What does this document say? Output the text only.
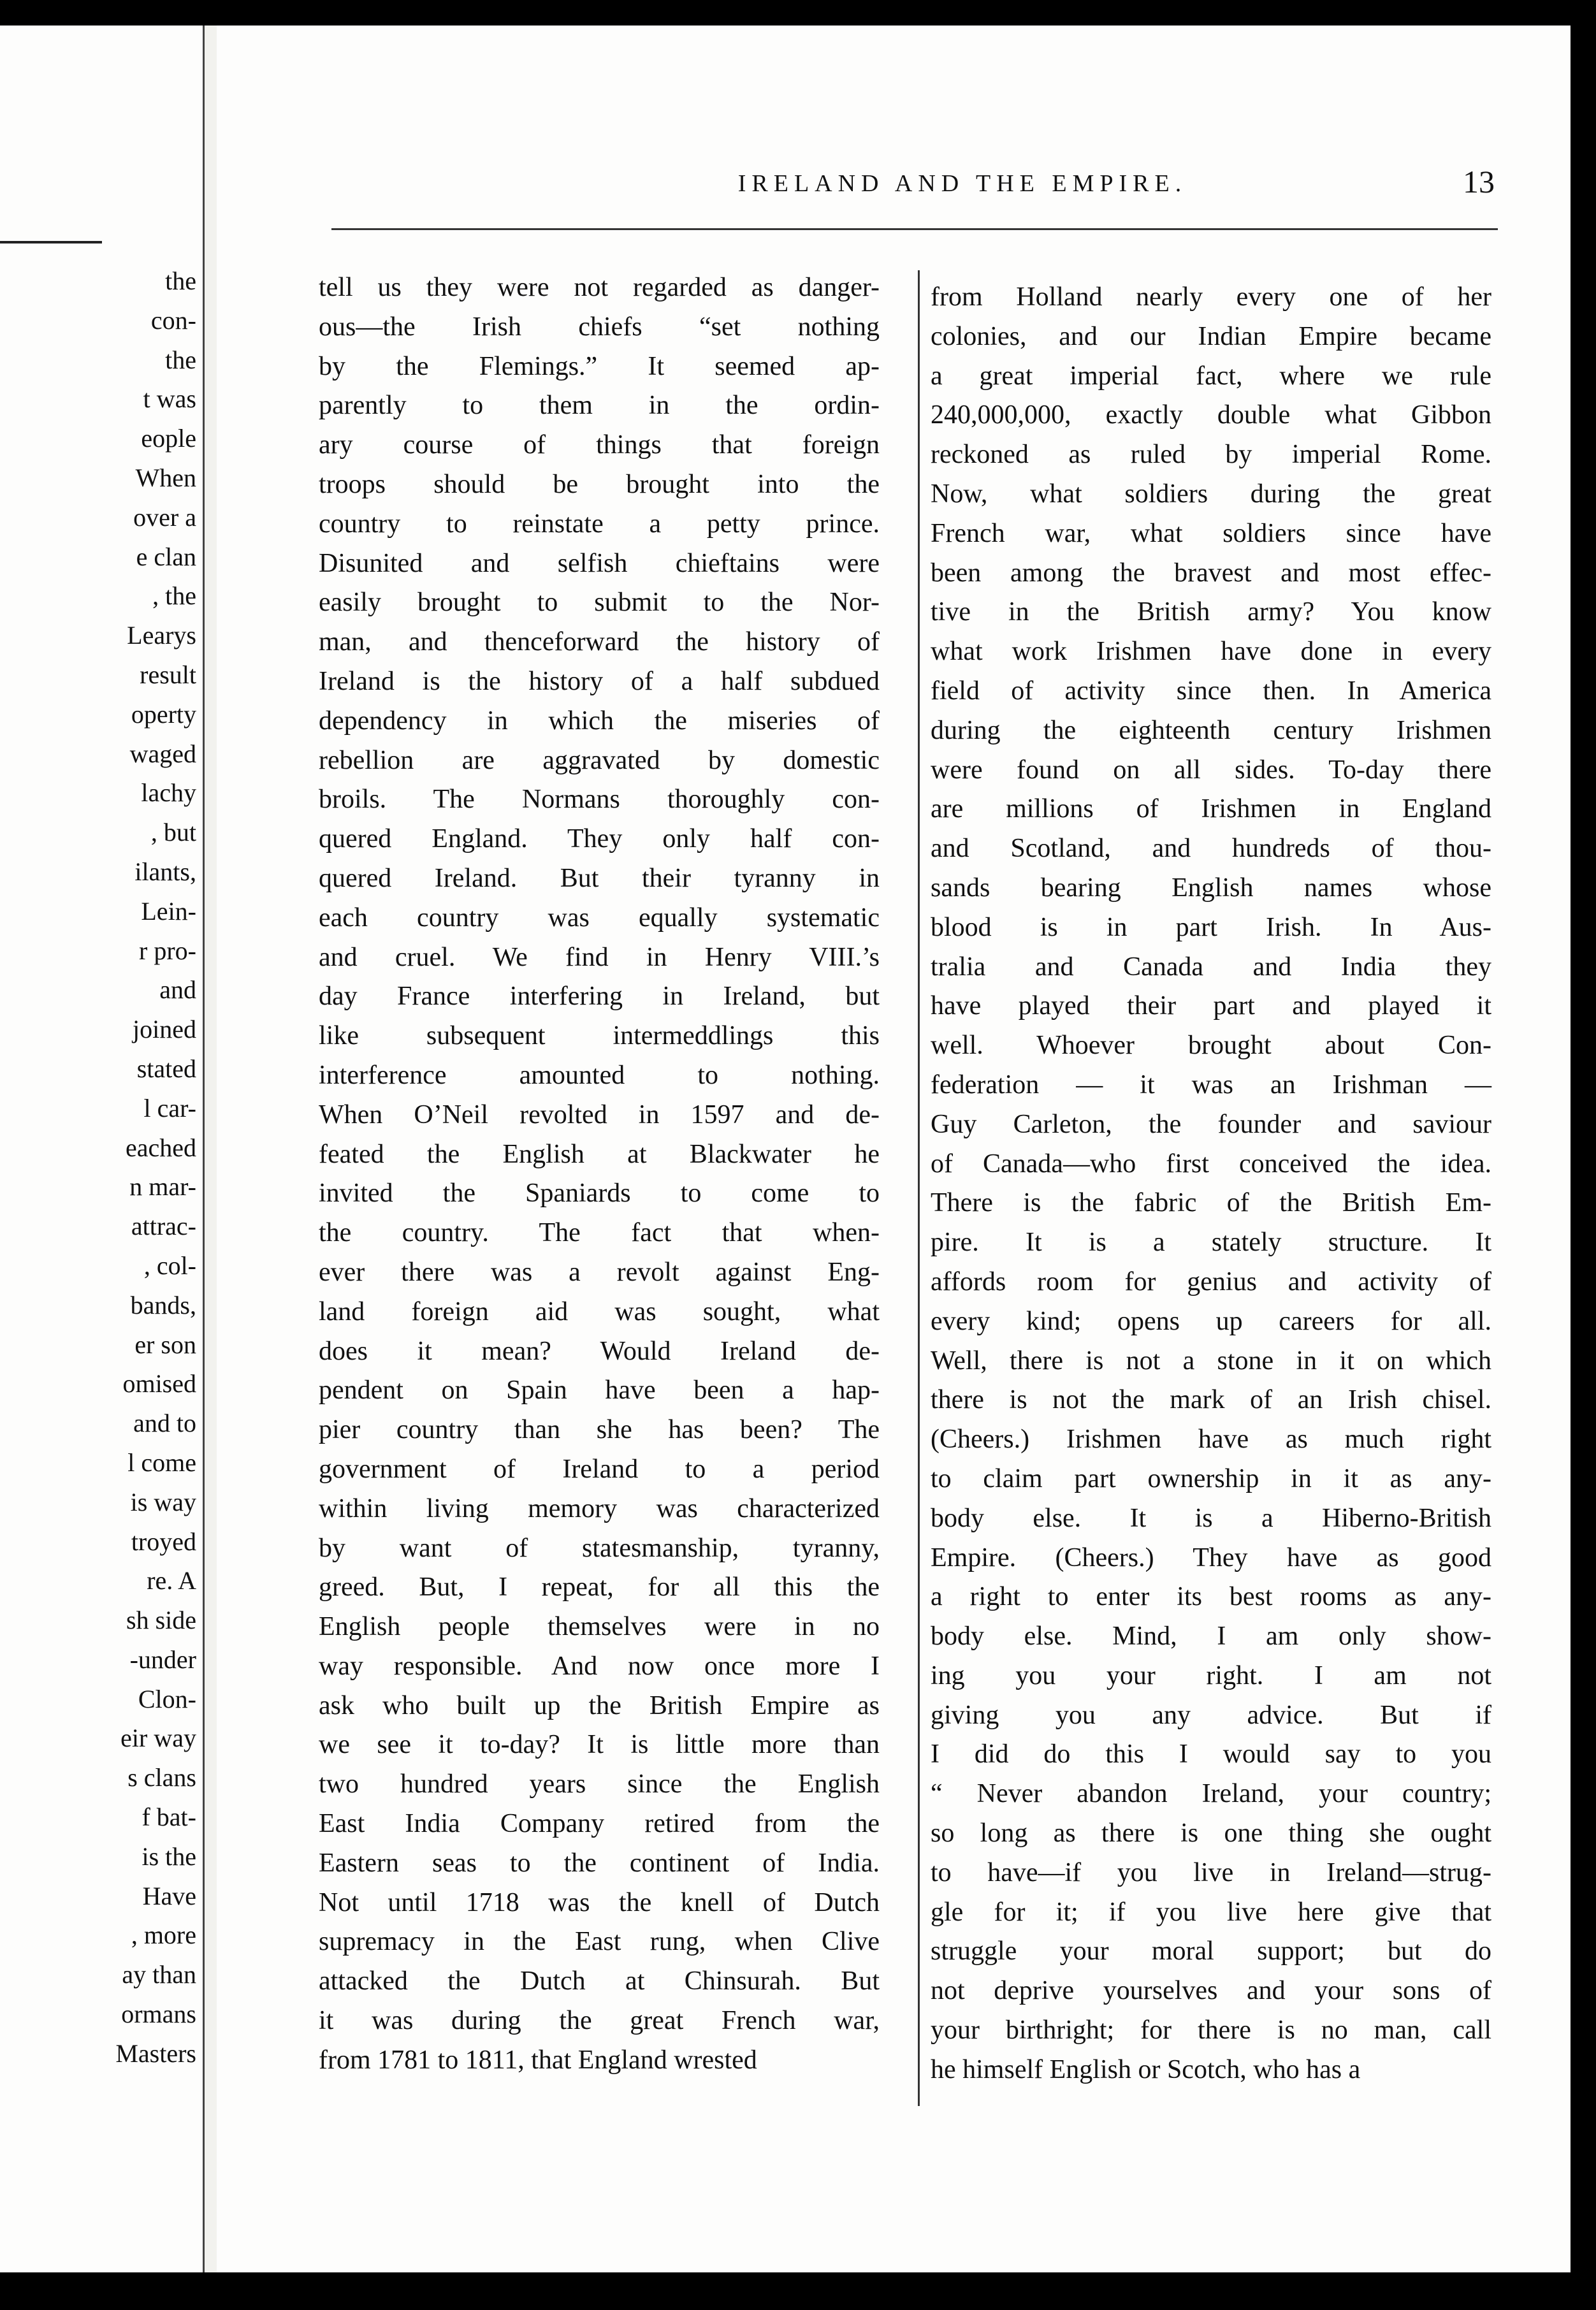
the
con-
the
t was
eople
When
over a
e clan
, the
Learys
result
operty
waged
lachy
, but
ilants,
Lein-
r pro-
and
joined
stated
l car-
eached
n mar-
attrac-
, col-
bands,
er son
omised
and to
l come
is way
troyed
re. A
sh side
-under
Clon-
eir way
s clans
f bat-
is the
Have
, more
ay than
ormans
Masters
IRELAND AND THE EMPIRE.	13
tell us they were not regarded as danger-
ous—the Irish chiefs “set nothing
by the Flemings.” It seemed ap-
parently to them in the ordin-
ary course of things that foreign
troops should be brought into the
country to reinstate a petty prince.
Disunited and selfish chieftains were
easily brought to submit to the Nor-
man, and thenceforward the history of
Ireland is the history of a half subdued
dependency in which the miseries of
rebellion are aggravated by domestic
broils. The Normans thoroughly con-
quered England. They only half con-
quered Ireland. But their tyranny in
each country was equally systematic
and cruel. We find in Henry VIII.’s
day France interfering in Ireland, but
like subsequent intermeddlings this
interference amounted to nothing.
When O’Neil revolted in 1597 and de-
feated the English at Blackwater he
invited the Spaniards to come to
the country. The fact that when-
ever there was a revolt against Eng-
land foreign aid was sought, what
does it mean? Would Ireland de-
pendent on Spain have been a hap-
pier country than she has been? The
government of Ireland to a period
within living memory was characterized
by want of statesmanship, tyranny,
greed. But, I repeat, for all this the
English people themselves were in no
way responsible. And now once more I
ask who built up the British Empire as
we see it to-day? It is little more than
two hundred years since the English
East India Company retired from the
Eastern seas to the continent of India.
Not until 1718 was the knell of Dutch
supremacy in the East rung, when Clive
attacked the Dutch at Chinsurah. But
it was during the great French war,
from 1781 to 1811, that England wrested
from Holland nearly every one of her
colonies, and our Indian Empire became
a great imperial fact, where we rule
240,000,000, exactly double what Gibbon
reckoned as ruled by imperial Rome.
Now, what soldiers during the great
French war, what soldiers since have
been among the bravest and most effec-
tive in the British army? You know
what work Irishmen have done in every
field of activity since then. In America
during the eighteenth century Irishmen
were found on all sides. To-day there
are millions of Irishmen in England
and Scotland, and hundreds of thou-
sands bearing English names whose
blood is in part Irish. In Aus-
tralia and Canada and India they
have played their part and played it
well. Whoever brought about Con-
federation — it was an Irishman —
Guy Carleton, the founder and saviour
of Canada—who first conceived the idea.
There is the fabric of the British Em-
pire. It is a stately structure. It
affords room for genius and activity of
every kind; opens up careers for all.
Well, there is not a stone in it on which
there is not the mark of an Irish chisel.
(Cheers.) Irishmen have as much right
to claim part ownership in it as any-
body else. It is a Hiberno-British
Empire. (Cheers.) They have as good
a right to enter its best rooms as any-
body else. Mind, I am only show-
ing you your right. I am not
giving you any advice. But if
I did do this I would say to you
“ Never abandon Ireland, your country;
so long as there is one thing she ought
to have—if you live in Ireland—strug-
gle for it; if you live here give that
struggle your moral support; but do
not deprive yourselves and your sons of
your birthright; for there is no man, call
he himself English or Scotch, who has a
